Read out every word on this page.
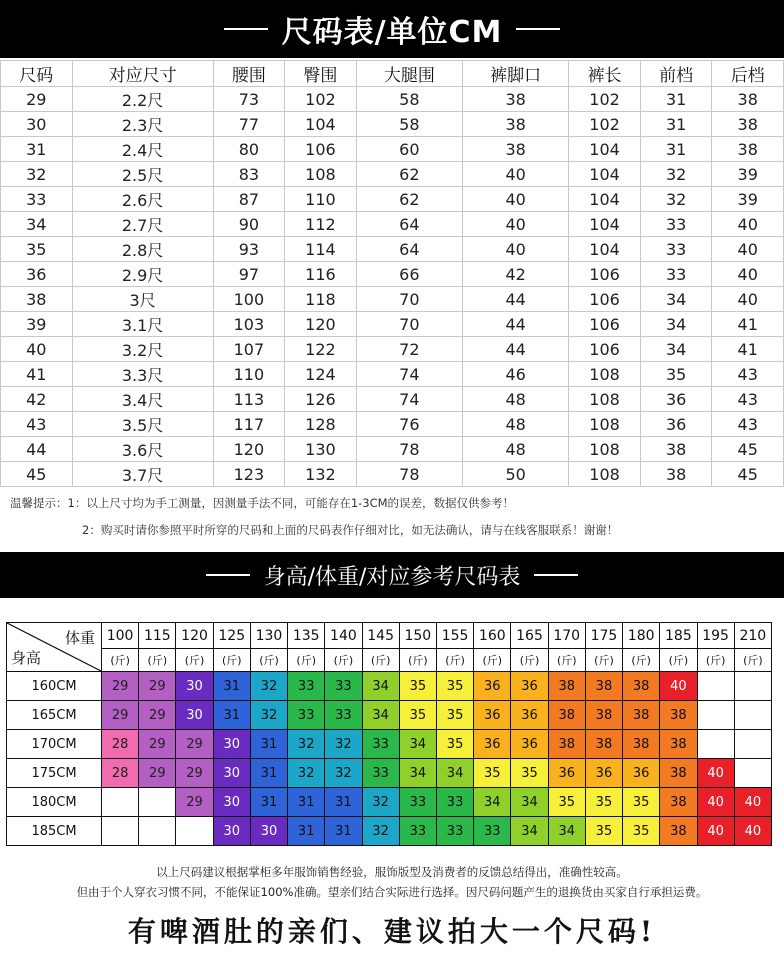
尺码表/单位CM
尺码	对应尺寸	腰围	臀围	大腿围	裤脚口	裤长	前档	后档
29	2.2尺	73	102	58	38	102	31	38
30	2.3尺	77	104	58	38	102	31	38
31	2.4尺	80	106	60	38	104	31	38
32	2.5尺	83	108	62	40	104	32	39
33	2.6尺	87	110	62	40	104	32	39
34	2.7尺	90	112	64	40	104	33	40
35	2.8尺	93	114	64	40	104	33	40
36	2.9尺	97	116	66	42	106	33	40
38	3尺	100	118	70	44	106	34	40
39	3.1尺	103	120	70	44	106	34	41
40	3.2尺	107	122	72	44	106	34	41
41	3.3尺	110	124	74	46	108	35	43
42	3.4尺	113	126	74	48	108	36	43
43	3.5尺	117	128	76	48	108	36	43
44	3.6尺	120	130	78	48	108	38	45
45	3.7尺	123	132	78	50	108	38	45
温馨提示：1：以上尺寸均为手工测量，因测量手法不同，可能存在1-3CM的误差，数据仅供参考！
2：购买时请你参照平时所穿的尺码和上面的尺码表作仔细对比，如无法确认，请与在线客服联系！谢谢！
身高/体重/对应参考尺码表
体重
身高	100	115	120	125	130	135	140	145	150	155	160	165	170	175	180	185	195	210
	(斤)	(斤)	(斤)	(斤)	(斤)	(斤)	(斤)	(斤)	(斤)	(斤)	(斤)	(斤)	(斤)	(斤)	(斤)	(斤)	(斤)	(斤)
160CM	29	29	30	31	32	33	33	34	35	35	36	36	38	38	38	40		
165CM	29	29	30	31	32	33	33	34	35	35	36	36	38	38	38	38		
170CM	28	29	29	30	31	32	32	33	34	35	36	36	38	38	38	38		
175CM	28	29	29	30	31	32	32	33	34	34	35	35	36	36	36	38	40	
180CM			29	30	31	31	31	32	33	33	34	34	35	35	35	38	40	40
185CM				30	30	31	31	32	33	33	33	34	34	35	35	38	40	40
以上尺码建议根据掌柜多年服饰销售经验，服饰版型及消费者的反馈总结得出，准确性较高。
但由于个人穿衣习惯不同，不能保证100%准确。望亲们结合实际进行选择。因尺码问题产生的退换货由买家自行承担运费。
有啤酒肚的亲们、建议拍大一个尺码!
